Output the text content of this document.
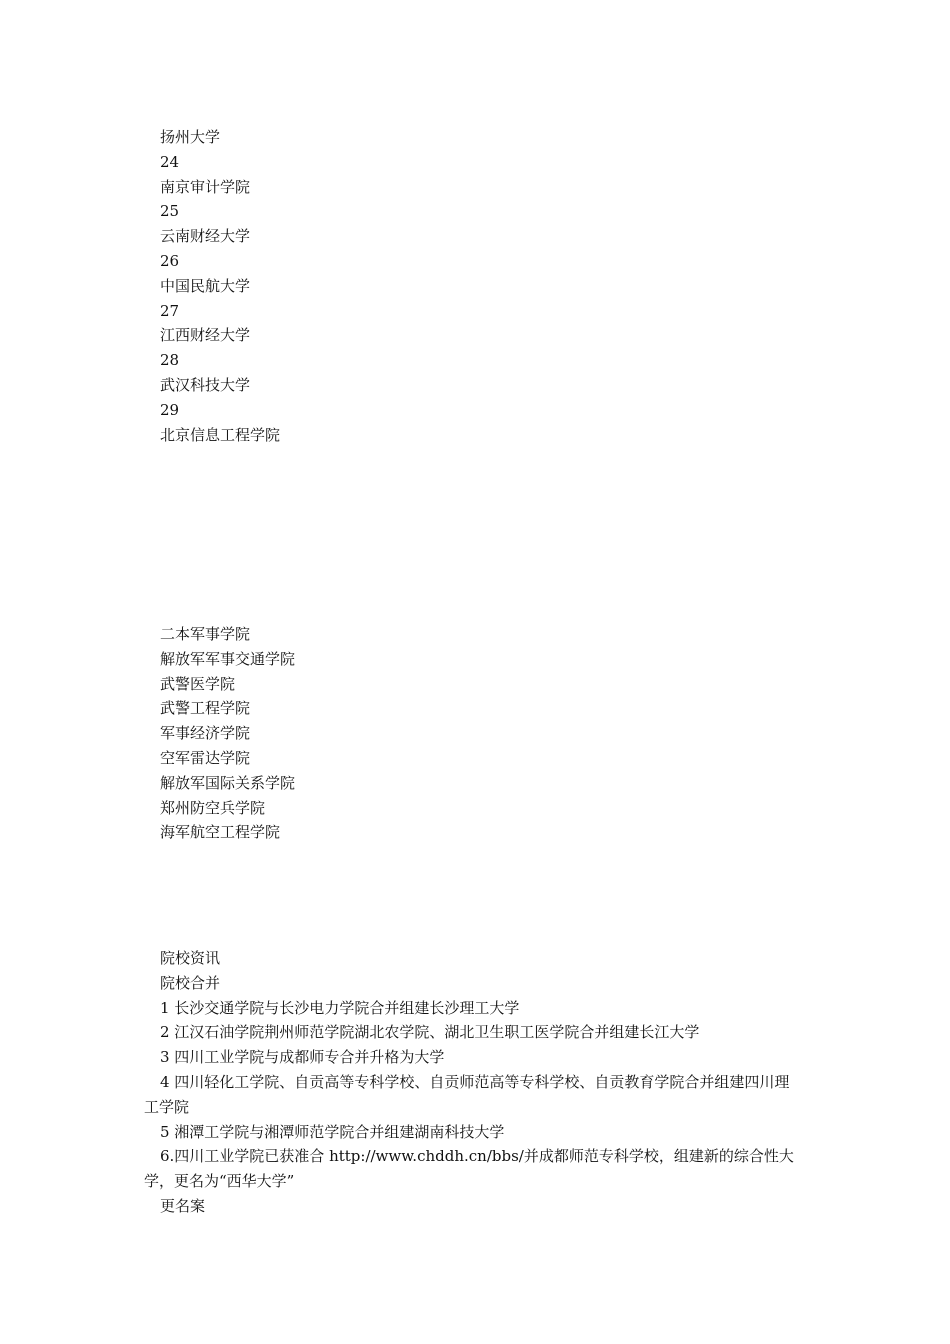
扬州大学
24
南京审计学院
25
云南财经大学
26
中国民航大学
27
江西财经大学
28
武汉科技大学
29
北京信息工程学院
二本军事学院
解放军军事交通学院
武警医学院
武警工程学院
军事经济学院
空军雷达学院
解放军国际关系学院
郑州防空兵学院
海军航空工程学院
院校资讯
院校合并
1 长沙交通学院与长沙电力学院合并组建长沙理工大学
2 江汉石油学院荆州师范学院湖北农学院、湖北卫生职工医学院合并组建长江大学
3 四川工业学院与成都师专合并升格为大学
4 四川轻化工学院、自贡高等专科学校、自贡师范高等专科学校、自贡教育学院合并组建四川理工学院
5 湘潭工学院与湘潭师范学院合并组建湖南科技大学
6.四川工业学院已获准合 http://www.chddh.cn/bbs/并成都师范专科学校，组建新的综合性大学，更名为“西华大学”
更名案
